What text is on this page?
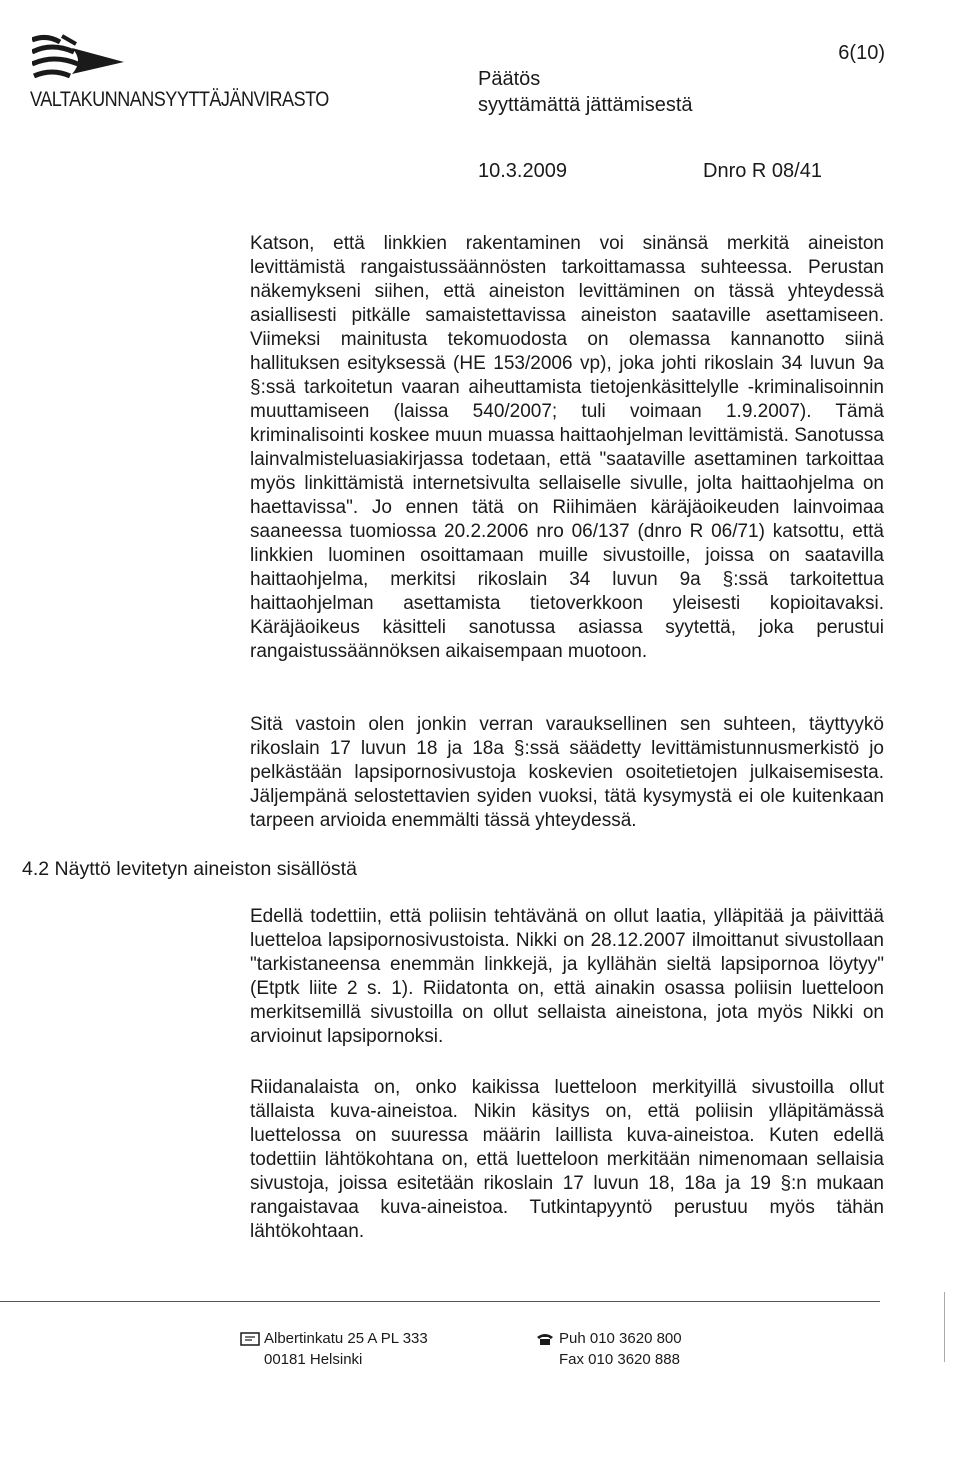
VALTAKUNNANSYYTTÄJÄNVIRASTO
Päätös
syyttämättä jättämisestä
6(10)
10.3.2009	Dnro R 08/41

Katson, että linkkien rakentaminen voi sinänsä merkitä aineiston levittämistä rangaistussäännösten tarkoittamassa suhteessa. Perustan näkemykseni siihen, että aineiston levittäminen on tässä yhteydessä asiallisesti pitkälle samaistettavissa aineiston saataville asettamiseen. Viimeksi mainitusta tekomuodosta on olemassa kannanotto siinä hallituksen esityksessä (HE 153/2006 vp), joka johti rikoslain 34 luvun 9a §:ssä tarkoitetun vaaran aiheuttamista tietojenkäsittelylle -kriminalisoinnin muuttamiseen (laissa 540/2007; tuli voimaan 1.9.2007). Tämä kriminalisointi koskee muun muassa haittaohjelman levittämistä. Sanotussa lainvalmisteluasiakirjassa todetaan, että "saataville asettaminen tarkoittaa myös linkittämistä internetsivulta sellaiselle sivulle, jolta haittaohjelma on haettavissa". Jo ennen tätä on Riihimäen käräjäoikeuden lainvoimaa saaneessa tuomiossa 20.2.2006 nro 06/137 (dnro R 06/71) katsottu, että linkkien luominen osoittamaan muille sivustoille, joissa on saatavilla haittaohjelma, merkitsi rikoslain 34 luvun 9a §:ssä tarkoitettua haittaohjelman asettamista tietoverkkoon yleisesti kopioitavaksi. Käräjäoikeus käsitteli sanotussa asiassa syytettä, joka perustui rangaistussäännöksen aikaisempaan muotoon.

Sitä vastoin olen jonkin verran varauksellinen sen suhteen, täyttyykö rikoslain 17 luvun 18 ja 18a §:ssä säädetty levittämistunnusmerkistö jo pelkästään lapsipornosivustoja koskevien osoitetietojen julkaisemisesta. Jäljempänä selostettavien syiden vuoksi, tätä kysymystä ei ole kuitenkaan tarpeen arvioida enemmälti tässä yhteydessä.

4.2 Näyttö levitetyn aineiston sisällöstä

Edellä todettiin, että poliisin tehtävänä on ollut laatia, ylläpitää ja päivittää luetteloa lapsipornosivustoista. Nikki on 28.12.2007 ilmoittanut sivustollaan "tarkistaneensa enemmän linkkejä, ja kyllähän sieltä lapsipornoa löytyy" (Etptk liite 2 s. 1). Riidatonta on, että ainakin osassa poliisin luetteloon merkitsemillä sivustoilla on ollut sellaista aineistona, jota myös Nikki on arvioinut lapsipornoksi.

Riidanalaista on, onko kaikissa luetteloon merkityillä sivustoilla ollut tällaista kuva-aineistoa. Nikin käsitys on, että poliisin ylläpitämässä luettelossa on suuressa määrin laillista kuva-aineistoa. Kuten edellä todettiin lähtökohtana on, että luetteloon merkitään nimenomaan sellaisia sivustoja, joissa esitetään rikoslain 17 luvun 18, 18a ja 19 §:n mukaan rangaistavaa kuva-aineistoa. Tutkintapyyntö perustuu myös tähän lähtökohtaan.

Albertinkatu 25 A PL 333
00181 Helsinki
Puh 010 3620 800
Fax 010 3620 888
